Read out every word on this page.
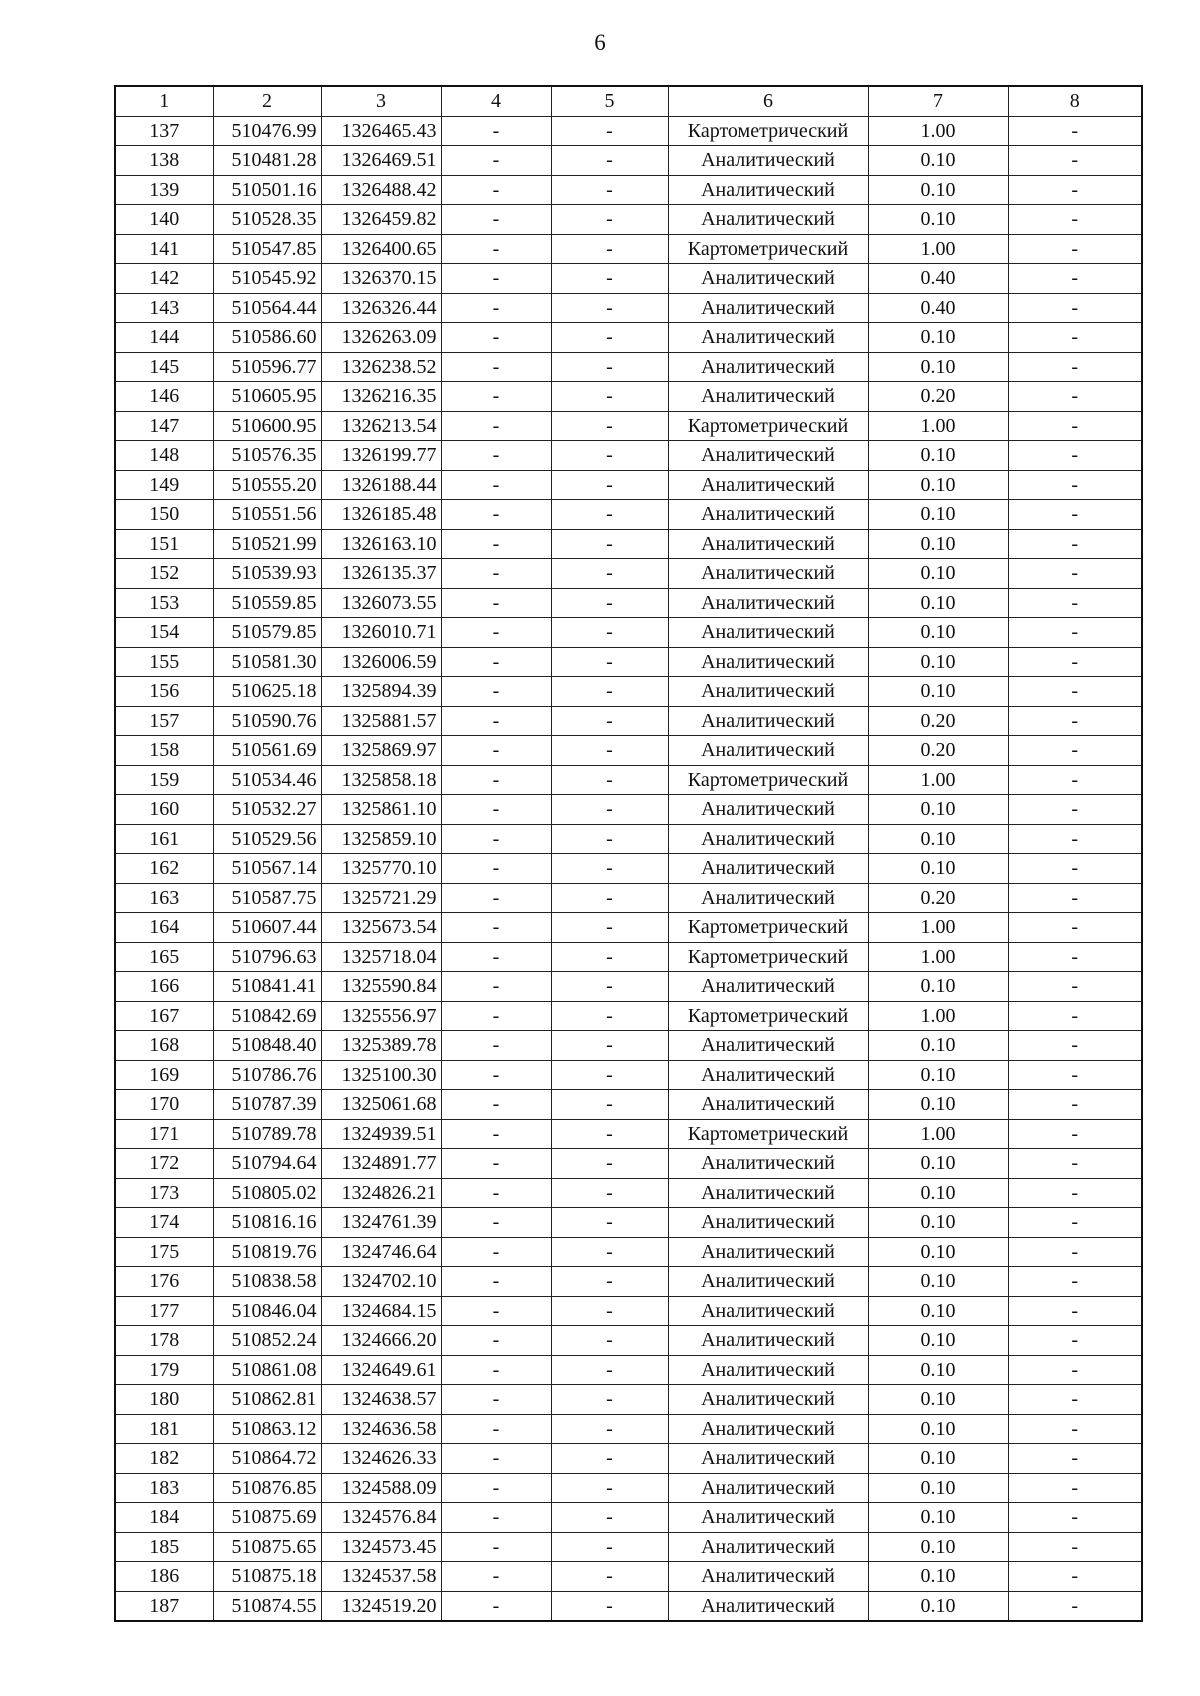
6
1	2	3	4	5	6	7	8
137	510476.99	1326465.43	-	-	Картометрический	1.00	-
138	510481.28	1326469.51	-	-	Аналитический	0.10	-
139	510501.16	1326488.42	-	-	Аналитический	0.10	-
140	510528.35	1326459.82	-	-	Аналитический	0.10	-
141	510547.85	1326400.65	-	-	Картометрический	1.00	-
142	510545.92	1326370.15	-	-	Аналитический	0.40	-
143	510564.44	1326326.44	-	-	Аналитический	0.40	-
144	510586.60	1326263.09	-	-	Аналитический	0.10	-
145	510596.77	1326238.52	-	-	Аналитический	0.10	-
146	510605.95	1326216.35	-	-	Аналитический	0.20	-
147	510600.95	1326213.54	-	-	Картометрический	1.00	-
148	510576.35	1326199.77	-	-	Аналитический	0.10	-
149	510555.20	1326188.44	-	-	Аналитический	0.10	-
150	510551.56	1326185.48	-	-	Аналитический	0.10	-
151	510521.99	1326163.10	-	-	Аналитический	0.10	-
152	510539.93	1326135.37	-	-	Аналитический	0.10	-
153	510559.85	1326073.55	-	-	Аналитический	0.10	-
154	510579.85	1326010.71	-	-	Аналитический	0.10	-
155	510581.30	1326006.59	-	-	Аналитический	0.10	-
156	510625.18	1325894.39	-	-	Аналитический	0.10	-
157	510590.76	1325881.57	-	-	Аналитический	0.20	-
158	510561.69	1325869.97	-	-	Аналитический	0.20	-
159	510534.46	1325858.18	-	-	Картометрический	1.00	-
160	510532.27	1325861.10	-	-	Аналитический	0.10	-
161	510529.56	1325859.10	-	-	Аналитический	0.10	-
162	510567.14	1325770.10	-	-	Аналитический	0.10	-
163	510587.75	1325721.29	-	-	Аналитический	0.20	-
164	510607.44	1325673.54	-	-	Картометрический	1.00	-
165	510796.63	1325718.04	-	-	Картометрический	1.00	-
166	510841.41	1325590.84	-	-	Аналитический	0.10	-
167	510842.69	1325556.97	-	-	Картометрический	1.00	-
168	510848.40	1325389.78	-	-	Аналитический	0.10	-
169	510786.76	1325100.30	-	-	Аналитический	0.10	-
170	510787.39	1325061.68	-	-	Аналитический	0.10	-
171	510789.78	1324939.51	-	-	Картометрический	1.00	-
172	510794.64	1324891.77	-	-	Аналитический	0.10	-
173	510805.02	1324826.21	-	-	Аналитический	0.10	-
174	510816.16	1324761.39	-	-	Аналитический	0.10	-
175	510819.76	1324746.64	-	-	Аналитический	0.10	-
176	510838.58	1324702.10	-	-	Аналитический	0.10	-
177	510846.04	1324684.15	-	-	Аналитический	0.10	-
178	510852.24	1324666.20	-	-	Аналитический	0.10	-
179	510861.08	1324649.61	-	-	Аналитический	0.10	-
180	510862.81	1324638.57	-	-	Аналитический	0.10	-
181	510863.12	1324636.58	-	-	Аналитический	0.10	-
182	510864.72	1324626.33	-	-	Аналитический	0.10	-
183	510876.85	1324588.09	-	-	Аналитический	0.10	-
184	510875.69	1324576.84	-	-	Аналитический	0.10	-
185	510875.65	1324573.45	-	-	Аналитический	0.10	-
186	510875.18	1324537.58	-	-	Аналитический	0.10	-
187	510874.55	1324519.20	-	-	Аналитический	0.10	-
